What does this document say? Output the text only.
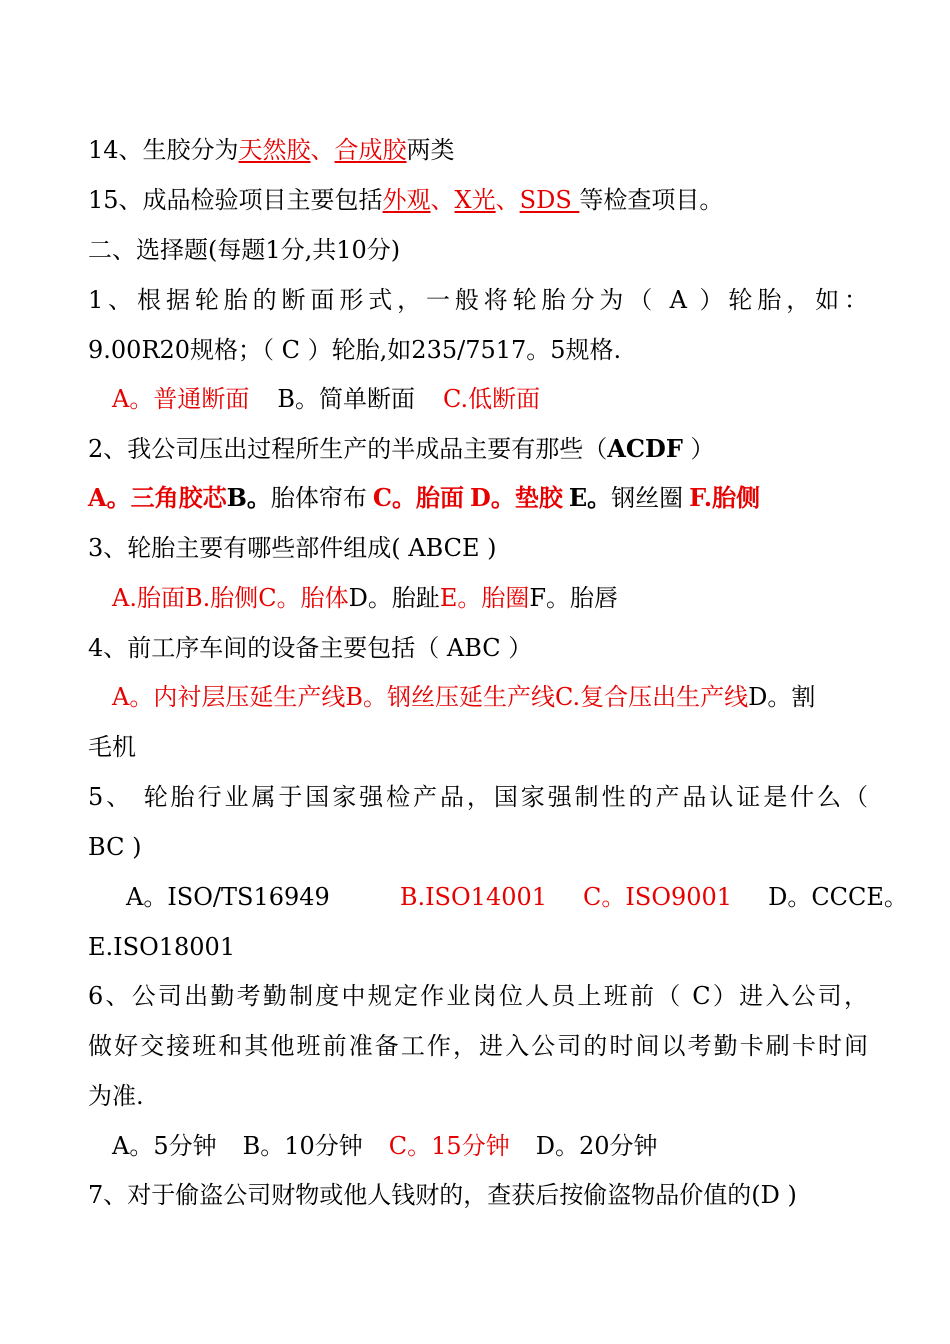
14、生胶分为天然胶、合成胶两类
15、成品检验项目主要包括外观、X光、SDS 等检查项目。
二、选择题(每题1分,共10分)
1、根据轮胎的断面形式，一般将轮胎分为（ A ）轮胎，如：
9.00R20规格；（ C ）轮胎,如235/7517。5规格.
A。普通断面 B。简单断面 C.低断面
2、我公司压出过程所生产的半成品主要有那些（ACDF ）
A。三角胶芯B。胎体帘布 C。胎面 D。垫胶 E。钢丝圈 F.胎侧
3、轮胎主要有哪些部件组成( ABCE )
A.胎面B.胎侧C。胎体D。胎趾E。胎圈F。胎唇
4、前工序车间的设备主要包括（ ABC ）
A。内衬层压延生产线B。钢丝压延生产线C.复合压出生产线D。割
毛机
5、 轮胎行业属于国家强检产品，国家强制性的产品认证是什么（
BC )
A。ISO/TS16949	B.ISO14001 C。ISO9001 D。CCCE。
E.ISO18001
6、公司出勤考勤制度中规定作业岗位人员上班前（ C）进入公司，
做好交接班和其他班前准备工作，进入公司的时间以考勤卡刷卡时间
为准.
A。5分钟 B。10分钟 C。15分钟 D。20分钟
7、对于偷盗公司财物或他人钱财的，查获后按偷盗物品价值的(D )
